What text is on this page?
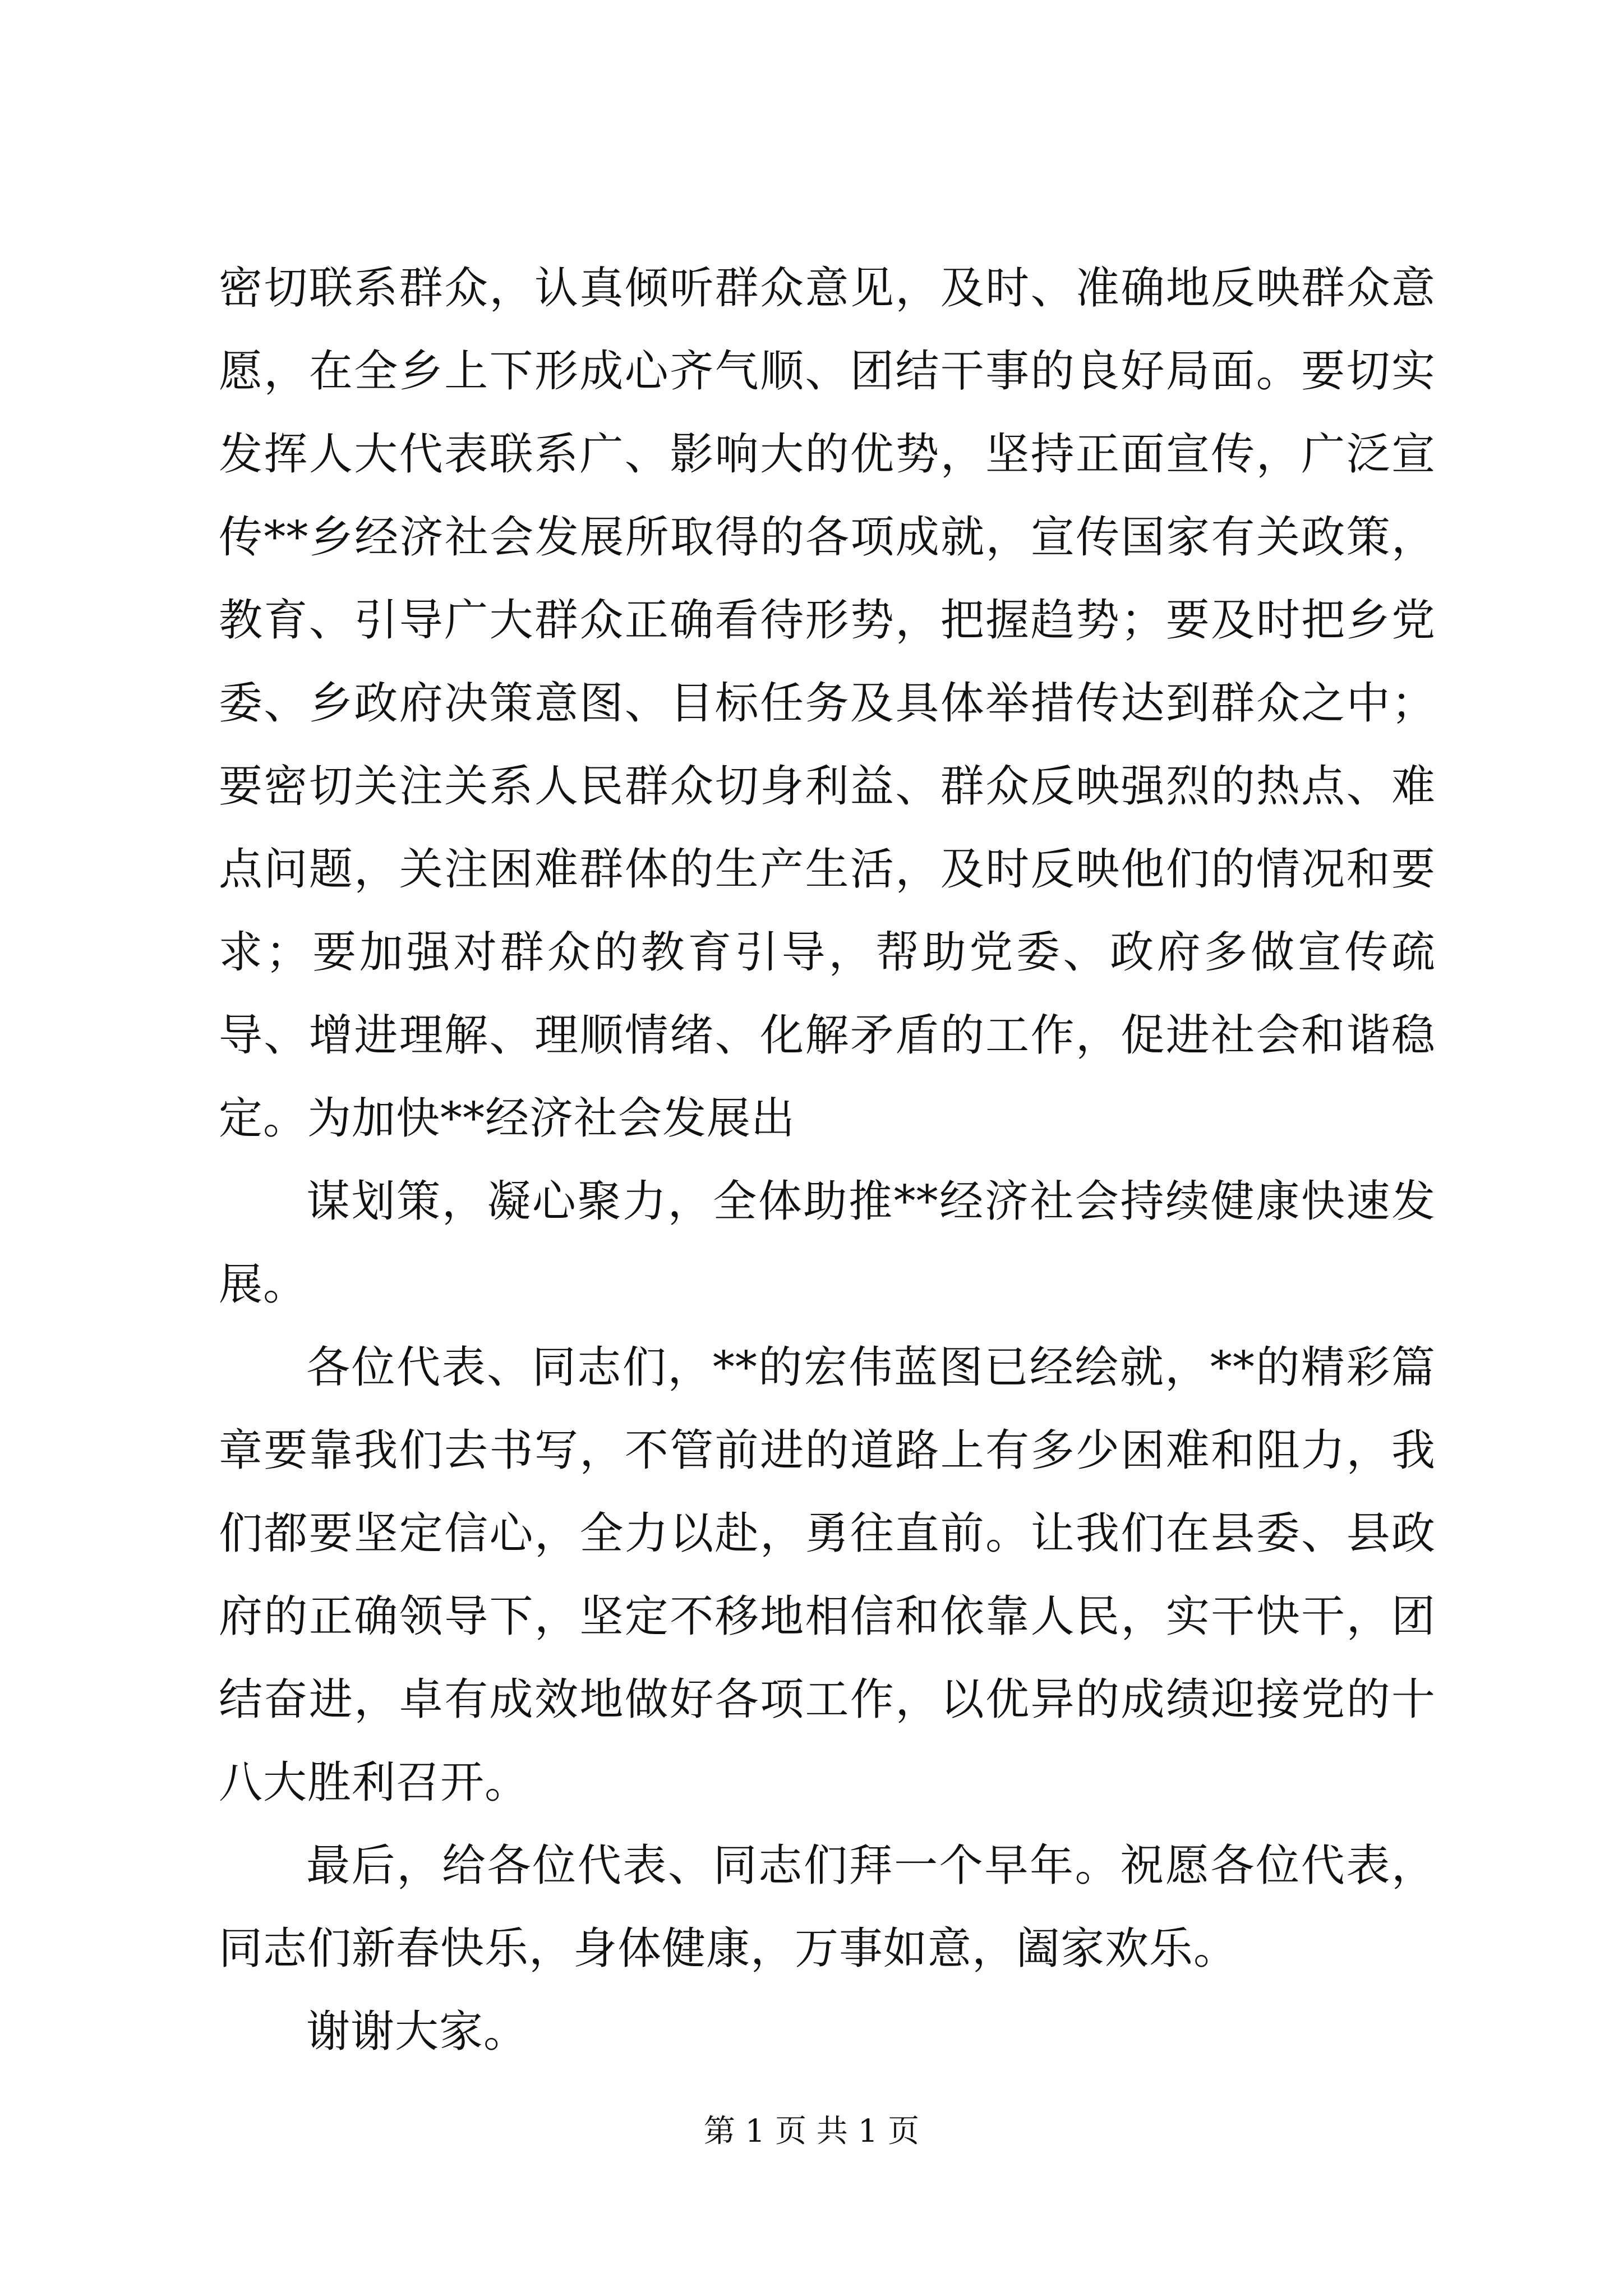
密切联系群众，认真倾听群众意见，及时、准确地反映群众意愿，在全乡上下形成心齐气顺、团结干事的良好局面。要切实发挥人大代表联系广、影响大的优势，坚持正面宣传，广泛宣传**乡经济社会发展所取得的各项成就，宣传国家有关政策，教育、引导广大群众正确看待形势，把握趋势；要及时把乡党委、乡政府决策意图、目标任务及具体举措传达到群众之中；要密切关注关系人民群众切身利益、群众反映强烈的热点、难点问题，关注困难群体的生产生活，及时反映他们的情况和要求；要加强对群众的教育引导，帮助党委、政府多做宣传疏导、增进理解、理顺情绪、化解矛盾的工作，促进社会和谐稳定。为加快**经济社会发展出

谋划策，凝心聚力，全体助推**经济社会持续健康快速发展。

各位代表、同志们，**的宏伟蓝图已经绘就，**的精彩篇章要靠我们去书写，不管前进的道路上有多少困难和阻力，我们都要坚定信心，全力以赴，勇往直前。让我们在县委、县政府的正确领导下，坚定不移地相信和依靠人民，实干快干，团结奋进，卓有成效地做好各项工作，以优异的成绩迎接党的十八大胜利召开。

最后，给各位代表、同志们拜一个早年。祝愿各位代表，同志们新春快乐，身体健康，万事如意，阖家欢乐。

谢谢大家。

第 1 页 共 1 页
